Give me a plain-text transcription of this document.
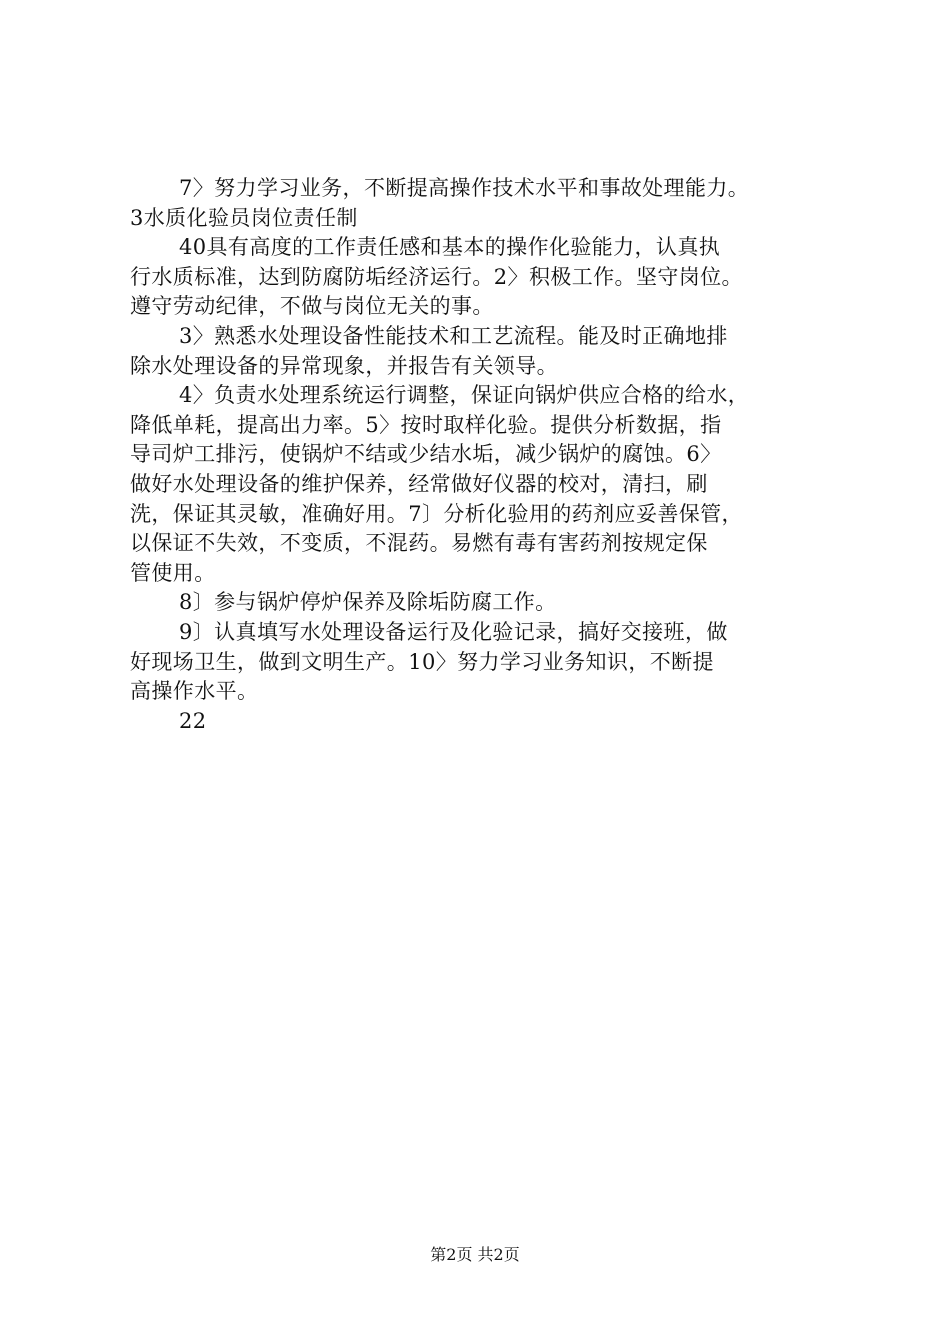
7〉努力学习业务，不断提高操作技术水平和事故处理能力。
3水质化验员岗位责任制
40具有高度的工作责任感和基本的操作化验能力，认真执
行水质标准，达到防腐防垢经济运行。2〉积极工作。坚守岗位。
遵守劳动纪律，不做与岗位无关的事。
3〉熟悉水处理设备性能技术和工艺流程。能及时正确地排
除水处理设备的异常现象，并报告有关领导。
4〉负责水处理系统运行调整，保证向锅炉供应合格的给水，
降低单耗，提高出力率。5〉按时取样化验。提供分析数据，指
导司炉工排污，使锅炉不结或少结水垢，减少锅炉的腐蚀。6〉
做好水处理设备的维护保养，经常做好仪器的校对，清扫，刷
洗，保证其灵敏，准确好用。7〕分析化验用的药剂应妥善保管，
以保证不失效，不变质，不混药。易燃有毒有害药剂按规定保
管使用。
8〕参与锅炉停炉保养及除垢防腐工作。
9〕认真填写水处理设备运行及化验记录，搞好交接班，做
好现场卫生，做到文明生产。10〉努力学习业务知识，不断提
高操作水平。
22
第2页 共2页
